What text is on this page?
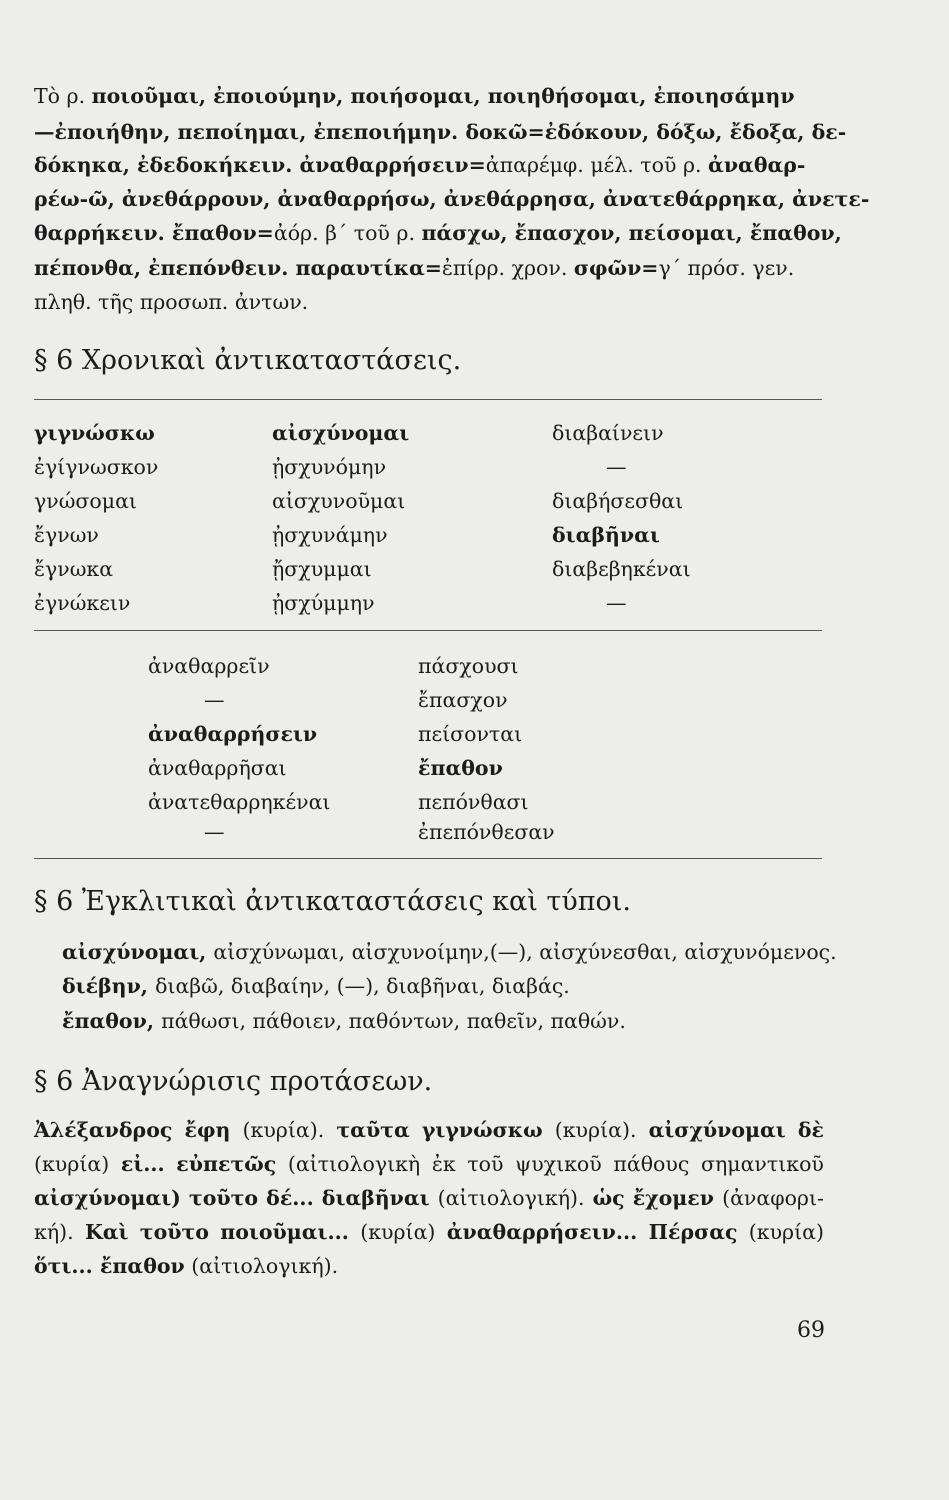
Τὸ ρ. ποιοῦμαι, ἐποιούμην, ποιήσομαι, ποιηθήσομαι, ἐποιησάμην
—ἐποιήθην, πεποίημαι, ἐπεποιήμην. δοκῶ=ἐδόκουν, δόξω, ἔδοξα, δε-
δόκηκα, ἐδεδοκήκειν. ἀναθαρρήσειν=ἀπαρέμφ. μέλ. τοῦ ρ. ἀναθαρ-
ρέω-ῶ, ἀνεθάρρουν, ἀναθαρρήσω, ἀνεθάρρησα, ἀνατεθάρρηκα, ἀνετε-
θαρρήκειν. ἔπαθον=ἀόρ. β΄ τοῦ ρ. πάσχω, ἔπασχον, πείσομαι, ἔπαθον,
πέπονθα, ἐπεπόνθειν. παραυτίκα=ἐπίρρ. χρον. σφῶν=γ΄ πρόσ. γεν.
πληθ. τῆς προσωπ. ἀντων.
§ 6 Χρονικαὶ ἀντικαταστάσεις.
γιγνώσκω
ἐγίγνωσκον
γνώσομαι
ἔγνων
ἔγνωκα
ἐγνώκειν
αἰσχύνομαι
ᾐσχυνόμην
αἰσχυνοῦμαι
ᾐσχυνάμην
ᾔσχυμμαι
ᾐσχύμμην
διαβαίνειν
—
διαβήσεσθαι
διαβῆναι
διαβεβηκέναι
—
ἀναθαρρεῖν
—
ἀναθαρρήσειν
ἀναθαρρῆσαι
ἀνατεθαρρηκέναι
—
πάσχουσι
ἔπασχον
πείσονται
ἔπαθον
πεπόνθασι
ἐπεπόνθεσαν
§ 6 Ἐγκλιτικαὶ ἀντικαταστάσεις καὶ τύποι.
αἰσχύνομαι, αἰσχύνωμαι, αἰσχυνοίμην,(—), αἰσχύνεσθαι, αἰσχυνόμενος.
διέβην, διαβῶ, διαβαίην, (—), διαβῆναι, διαβάς.
ἔπαθον, πάθωσι, πάθοιεν, παθόντων, παθεῖν, παθών.
§ 6 Ἀναγνώρισις προτάσεων.
Ἀλέξανδρος ἔφη (κυρία). ταῦτα γιγνώσκω (κυρία). αἰσχύνομαι δὲ
(κυρία) εἰ... εὐπετῶς (αἰτιολογικὴ ἐκ τοῦ ψυχικοῦ πάθους σημαντικοῦ
αἰσχύνομαι) τοῦτο δέ... διαβῆναι (αἰτιολογική). ὡς ἔχομεν (ἀναφορι-
κή). Καὶ τοῦτο ποιοῦμαι... (κυρία) ἀναθαρρήσειν... Πέρσας (κυρία)
ὅτι... ἔπαθον (αἰτιολογική).
69
